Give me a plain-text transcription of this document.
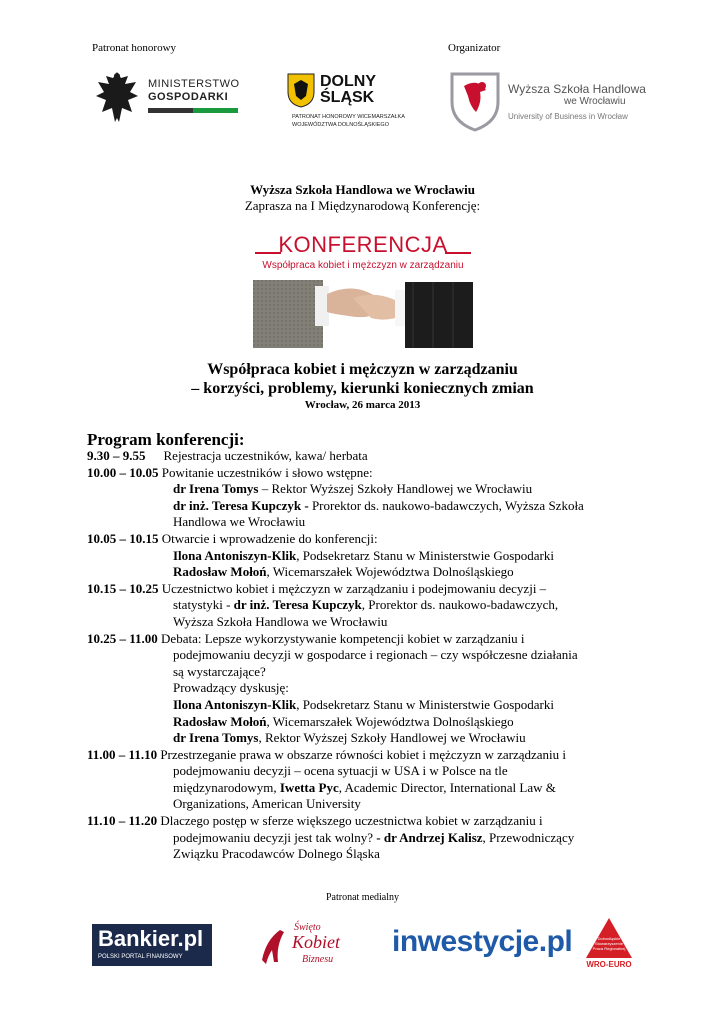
Patronat honorowy	Organizator
MINISTERSTWO
GOSPODARKI
DOLNY
ŚLĄSK
PATRONAT HONOROWY WICEMARSZAŁKA
WOJEWÓDZTWA DOLNOŚLĄSKIEGO
Wyższa Szkoła Handlowa
we Wrocławiu
University of Business in Wrocław
Wyższa Szkoła Handlowa we Wrocławiu
Zaprasza na I Międzynarodową Konferencję:
KONFERENCJA
Współpraca kobiet i mężczyzn w zarządzaniu
Współpraca kobiet i mężczyzn w zarządzaniu
– korzyści, problemy, kierunki koniecznych zmian
Wrocław, 26 marca 2013
Program konferencji:
9.30 – 9.55 Rejestracja uczestników, kawa/ herbata
10.00 – 10.05 Powitanie uczestników i słowo wstępne:
dr Irena Tomys – Rektor Wyższej Szkoły Handlowej we Wrocławiu
dr inż. Teresa Kupczyk - Prorektor ds. naukowo-badawczych, Wyższa Szkoła
Handlowa we Wrocławiu
10.05 – 10.15 Otwarcie i wprowadzenie do konferencji:
Ilona Antoniszyn-Klik, Podsekretarz Stanu w Ministerstwie Gospodarki
Radosław Mołoń, Wicemarszałek Województwa Dolnośląskiego
10.15 – 10.25 Uczestnictwo kobiet i mężczyzn w zarządzaniu i podejmowaniu decyzji –
statystyki - dr inż. Teresa Kupczyk, Prorektor ds. naukowo-badawczych,
Wyższa Szkoła Handlowa we Wrocławiu
10.25 – 11.00 Debata: Lepsze wykorzystywanie kompetencji kobiet w zarządzaniu i
podejmowaniu decyzji w gospodarce i regionach – czy współczesne działania
są wystarczające?
Prowadzący dyskusję:
Ilona Antoniszyn-Klik, Podsekretarz Stanu w Ministerstwie Gospodarki
Radosław Mołoń, Wicemarszałek Województwa Dolnośląskiego
dr Irena Tomys, Rektor Wyższej Szkoły Handlowej we Wrocławiu
11.00 – 11.10 Przestrzeganie prawa w obszarze równości kobiet i mężczyzn w zarządzaniu i
podejmowaniu decyzji – ocena sytuacji w USA i w Polsce na tle
międzynarodowym, Iwetta Pyc, Academic Director, International Law &
Organizations, American University
11.10 – 11.20 Dlaczego postęp w sferze większego uczestnictwa kobiet w zarządzaniu i
podejmowaniu decyzji jest tak wolny? - dr Andrzej Kalisz, Przewodniczący
Związku Pracodawców Dolnego Śląska
Patronat medialny
Bankier.pl
POLSKI PORTAL FINANSOWY
Święto
Kobiet
Biznesu
inwestycje.pl	Dolnośląskie
Stowarzyszenie
Praca Regionalnej
WRO-EURO
